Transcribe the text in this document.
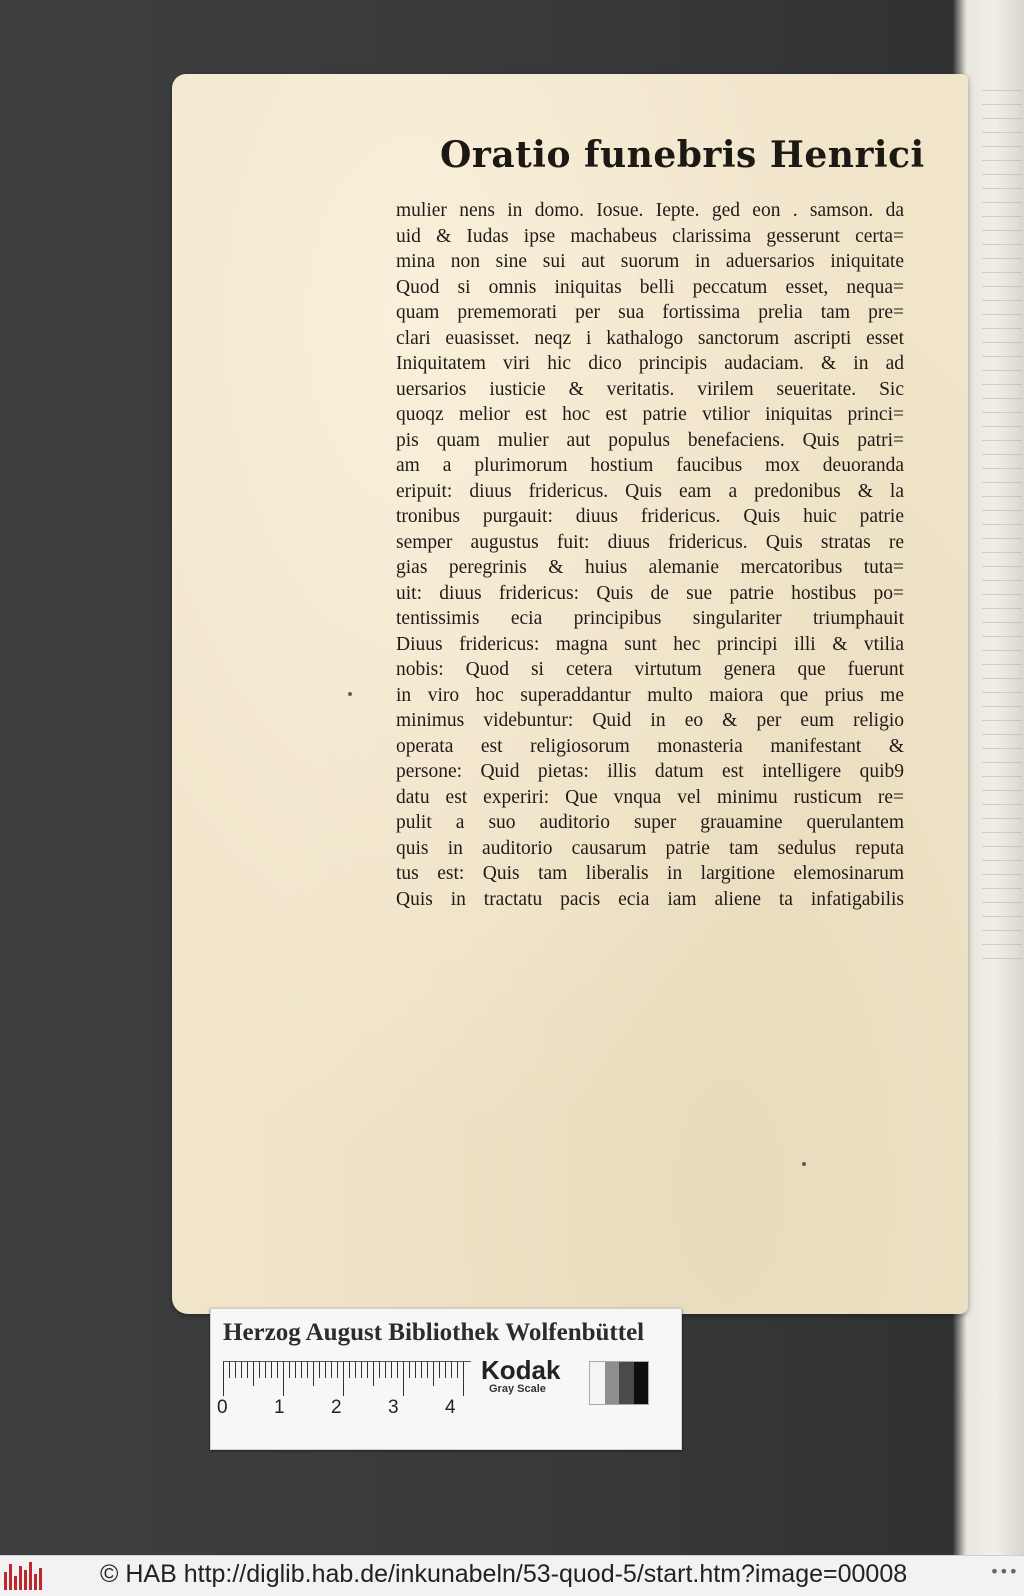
Oratio funebris Henrici
mulier nens in domo. Iosue. Iepte. ged eon . samson. da
uid & Iudas ipse machabeus clarissima gesserunt certa=
mina non sine sui aut suorum in aduersarios iniquitate
Quod si omnis iniquitas belli peccatum esset, nequa=
quam prememorati per sua fortissima prelia tam pre=
clari euasisset. neqz i kathalogo sanctorum ascripti esset
Iniquitatem viri hic dico principis audaciam. & in ad
uersarios iusticie & veritatis. virilem seueritate. Sic
quoqz melior est hoc est patrie vtilior iniquitas princi=
pis quam mulier aut populus benefaciens. Quis patri=
am a plurimorum hostium faucibus mox deuoranda
eripuit: diuus fridericus. Quis eam a predonibus & la
tronibus purgauit: diuus fridericus. Quis huic patrie
semper augustus fuit: diuus fridericus. Quis stratas re
gias peregrinis & huius alemanie mercatoribus tuta=
uit: diuus fridericus: Quis de sue patrie hostibus po=
tentissimis ecia principibus singulariter triumphauit
Diuus fridericus: magna sunt hec principi illi & vtilia
nobis: Quod si cetera virtutum genera que fuerunt
in viro hoc superaddantur multo maiora que prius me
minimus videbuntur: Quid in eo & per eum religio
operata est religiosorum monasteria manifestant &
persone: Quid pietas: illis datum est intelligere quib9
datu est experiri: Que vnqua vel minimu rusticum re=
pulit a suo auditorio super grauamine querulantem
quis in auditorio causarum patrie tam sedulus reputa
tus est: Quis tam liberalis in largitione elemosinarum
Quis in tractatu pacis ecia iam aliene ta infatigabilis
Herzog August Bibliothek Wolfenbüttel
0 1 2 3 4
Kodak
Gray Scale
© HAB http://diglib.hab.de/inkunabeln/53-quod-5/start.htm?image=00008	•••
